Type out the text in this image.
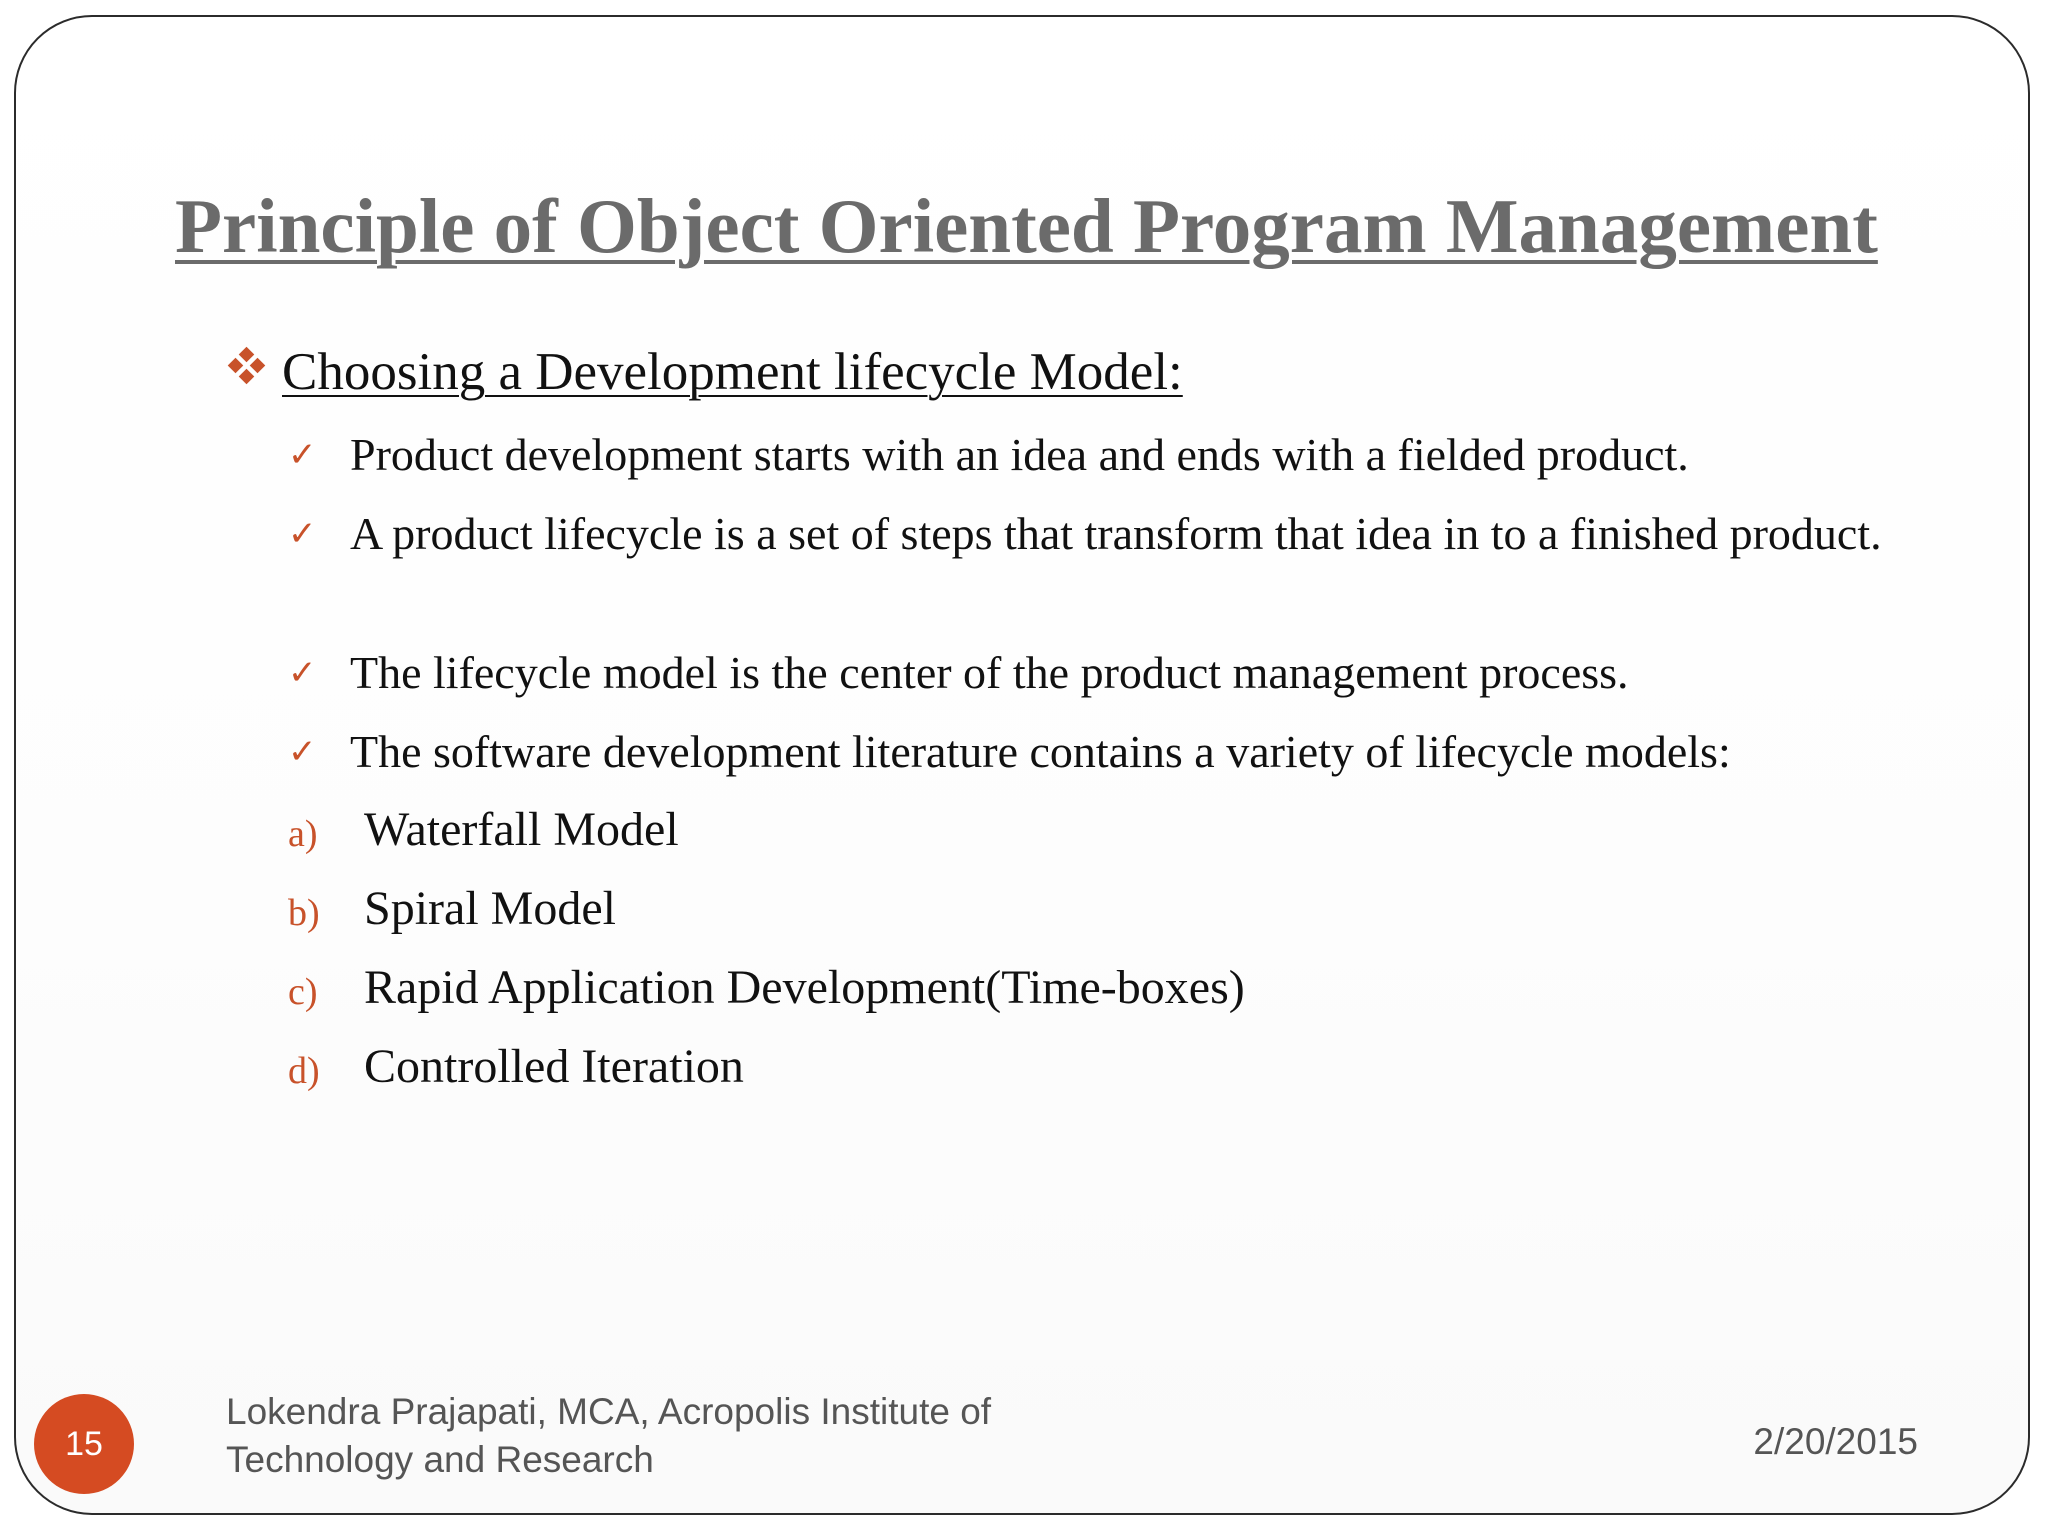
Principle of Object Oriented Program Management
Choosing a Development lifecycle Model:
✓ Product development starts with an idea and ends with a fielded product.
✓ A product lifecycle is a set of steps that transform that idea in to a finished product.
✓ The lifecycle model is the center of the product management process.
✓ The software development literature contains a variety of lifecycle models:
a) Waterfall Model
b) Spiral Model
c) Rapid Application Development(Time-boxes)
d) Controlled Iteration
15
Lokendra Prajapati, MCA, Acropolis Institute of Technology and Research	2/20/2015
